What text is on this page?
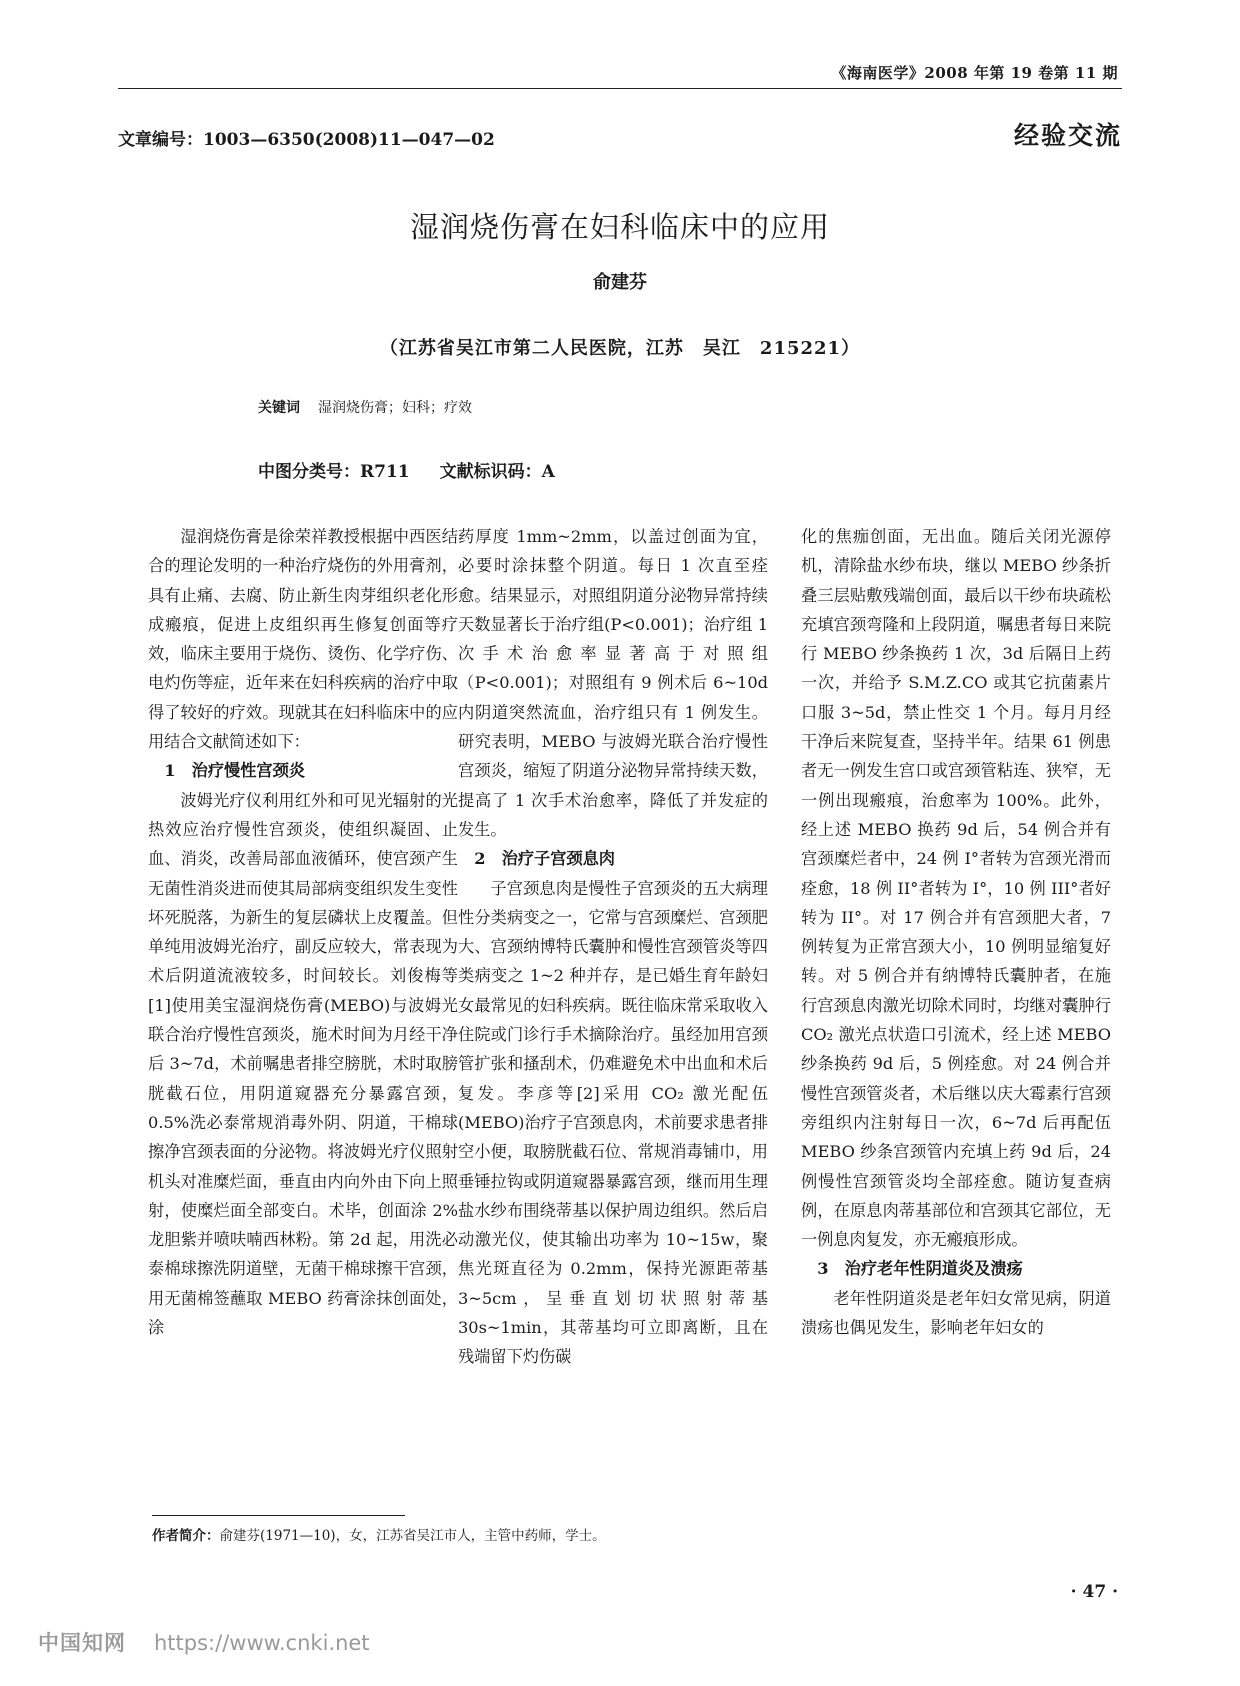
《海南医学》2008 年第 19 卷第 11 期
文章编号：1003—6350(2008)11—047—02	经验交流
湿润烧伤膏在妇科临床中的应用
俞建芬
（江苏省吴江市第二人民医院，江苏　吴江　215221）
关键词 湿润烧伤膏；妇科；疗效
中图分类号：R711 文献标识码：A

湿润烧伤膏是徐荣祥教授根据中西医结合的理论发明的一种治疗烧伤的外用膏剂，具有止痛、去腐、防止新生肉芽组织老化形成瘢痕，促进上皮组织再生修复创面等疗效，临床主要用于烧伤、烫伤、化学疗伤、电灼伤等症，近年来在妇科疾病的治疗中取得了较好的疗效。现就其在妇科临床中的应用结合文献简述如下：

1　治疗慢性宫颈炎

波姆光疗仪利用红外和可见光辐射的光热效应治疗慢性宫颈炎，使组织凝固、止血、消炎，改善局部血液循环，使宫颈产生无菌性消炎进而使其局部病变组织发生变性坏死脱落，为新生的复层磷状上皮覆盖。但单纯用波姆光治疗，副反应较大，常表现为术后阴道流液较多，时间较长。刘俊梅等[1]使用美宝湿润烧伤膏(MEBO)与波姆光联合治疗慢性宫颈炎，施术时间为月经干净后 3~7d，术前嘱患者排空膀胱，术时取膀胱截石位，用阴道窥器充分暴露宫颈，0.5%洗必泰常规消毒外阴、阴道，干棉球擦净宫颈表面的分泌物。将波姆光疗仪照射机头对准糜烂面，垂直由内向外由下向上照射，使糜烂面全部变白。术毕，创面涂 2%龙胆紫并喷呋喃西林粉。第 2d 起，用洗必泰棉球擦洗阴道壁，无菌干棉球擦干宫颈，用无菌棉签蘸取 MEBO 药膏涂抹创面处，涂

药厚度 1mm~2mm，以盖过创面为宜，必要时涂抹整个阴道。每日 1 次直至痊愈。结果显示，对照组阴道分泌物异常持续天数显著长于治疗组(P<0.001)；治疗组 1 次手术治愈率显著高于对照组（P<0.001)；对照组有 9 例术后 6~10d 内阴道突然流血，治疗组只有 1 例发生。研究表明，MEBO 与波姆光联合治疗慢性宫颈炎，缩短了阴道分泌物异常持续天数，提高了 1 次手术治愈率，降低了并发症的发生。

2　治疗子宫颈息肉

子宫颈息肉是慢性子宫颈炎的五大病理性分类病变之一，它常与宫颈糜烂、宫颈肥大、宫颈纳博特氏囊肿和慢性宫颈管炎等四类病变之 1~2 种并存，是已婚生育年龄妇女最常见的妇科疾病。既往临床常采取收入住院或门诊行手术摘除治疗。虽经加用宫颈管扩张和搔刮术，仍难避免术中出血和术后复发。李彦等[2]采用 CO₂ 激光配伍 (MEBO)治疗子宫颈息肉，术前要求患者排空小便，取膀胱截石位、常规消毒铺巾，用垂锤拉钩或阴道窥器暴露宫颈，继而用生理盐水纱布围绕蒂基以保护周边组织。然后启动激光仪，使其输出功率为 10~15w，聚焦光斑直径为 0.2mm，保持光源距蒂基 3~5cm，呈垂直划切状照射蒂基 30s~1min，其蒂基均可立即离断，且在残端留下灼伤碳

化的焦痂创面，无出血。随后关闭光源停机，清除盐水纱布块，继以 MEBO 纱条折叠三层贴敷残端创面，最后以干纱布块疏松充填宫颈弯隆和上段阴道，嘱患者每日来院行 MEBO 纱条换药 1 次，3d 后隔日上药一次，并给予 S.M.Z.CO 或其它抗菌素片口服 3~5d，禁止性交 1 个月。每月月经干净后来院复查，坚持半年。结果 61 例患者无一例发生宫口或宫颈管粘连、狭窄，无一例出现瘢痕，治愈率为 100%。此外，经上述 MEBO 换药 9d 后，54 例合并有宫颈糜烂者中，24 例 I°者转为宫颈光滑而痊愈，18 例 II°者转为 I°，10 例 III°者好转为 II°。对 17 例合并有宫颈肥大者，7 例转复为正常宫颈大小，10 例明显缩复好转。对 5 例合并有纳博特氏囊肿者，在施行宫颈息肉激光切除术同时，均继对囊肿行 CO₂ 激光点状造口引流术，经上述 MEBO 纱条换药 9d 后，5 例痊愈。对 24 例合并慢性宫颈管炎者，术后继以庆大霉素行宫颈旁组织内注射每日一次，6~7d 后再配伍 MEBO 纱条宫颈管内充填上药 9d 后，24 例慢性宫颈管炎均全部痊愈。随访复查病例，在原息肉蒂基部位和宫颈其它部位，无一例息肉复发，亦无瘢痕形成。

3　治疗老年性阴道炎及溃疡

老年性阴道炎是老年妇女常见病，阴道溃疡也偶见发生，影响老年妇女的

作者简介：俞建芬(1971—10)，女，江苏省吴江市人，主管中药师，学士。
· 47 ·
中国知网 https://www.cnki.net
